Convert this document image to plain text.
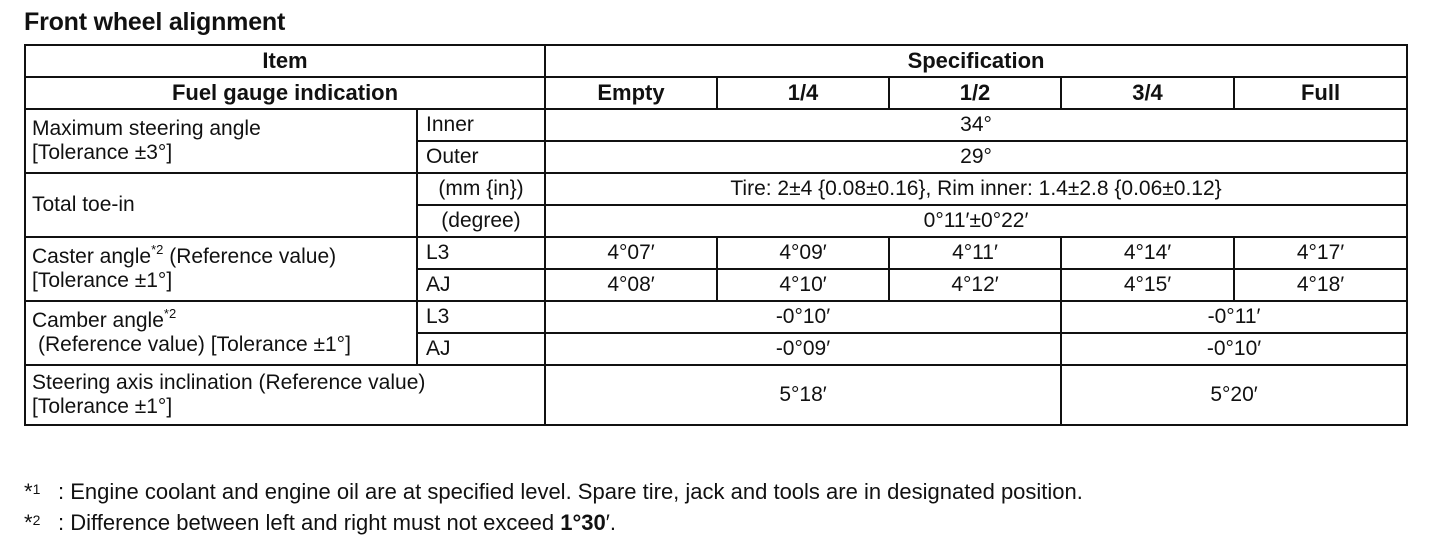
Front wheel alignment
Item		Specification				
Fuel gauge indication		Empty	1/4	1/2	3/4	Full

Maximum steering angle
[Tolerance ±3°]	Inner	34°				
	Outer	29°				
Total toe-in	(mm {in})	Tire: 2±4 {0.08±0.16}, Rim inner: 1.4±2.8 {0.06±0.12}				
	(degree)	0°11′±0°22′				

Caster angle$^{*2}$ (Reference value)
[Tolerance ±1°]	L3	4°07′	4°09′	4°11′	4°14′	4°17′
	AJ	4°08′	4°10′	4°12′	4°15′	4°18′

Camber angle$^{*2}$
(Reference value) [Tolerance ±1°]	L3	-0°10′			-0°11′	
	AJ	-0°09′			-0°10′	

Steering axis inclination (Reference value)
[Tolerance ±1°]		5°18′			5°20′	
*$^1$ : Engine coolant and engine oil are at specified level. Spare tire, jack and tools are in designated position.
*$^2$ : Difference between left and right must not exceed 1°30′.
